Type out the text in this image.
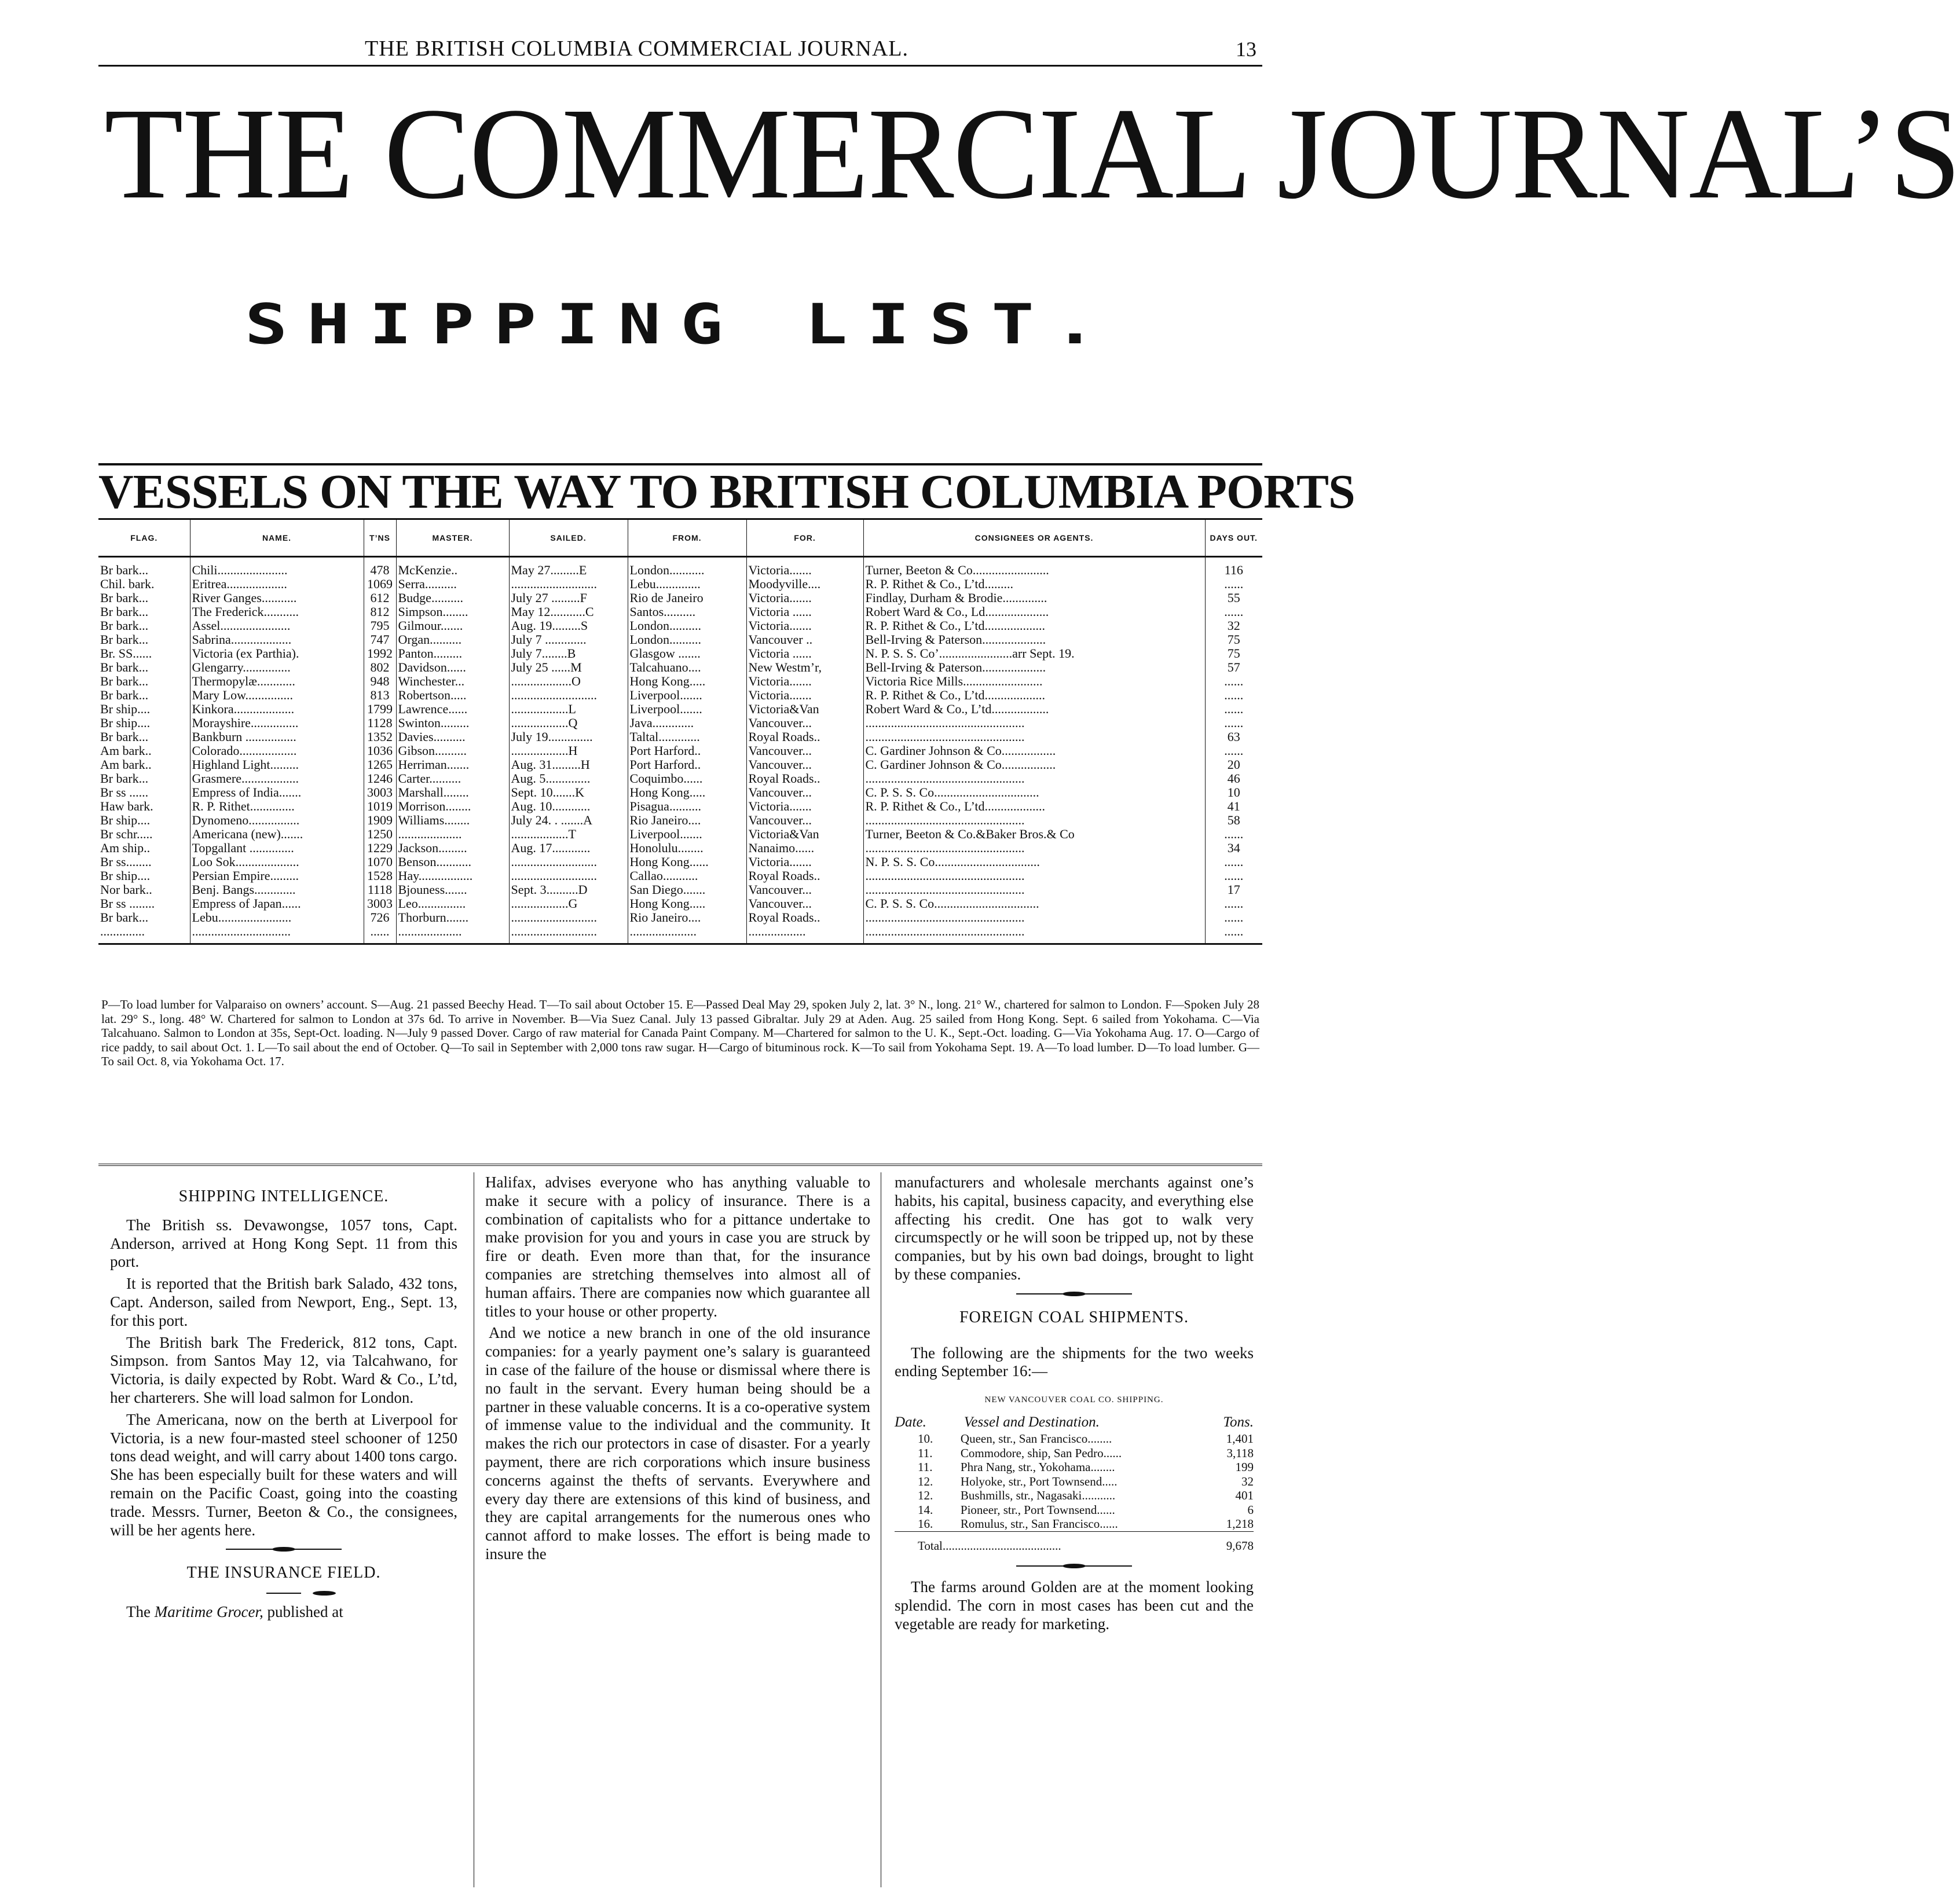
THE BRITISH COLUMBIA COMMERCIAL JOURNAL.	13
THE COMMERCIAL JOURNAL’S
SHIPPING LIST.
VESSELS ON THE WAY TO BRITISH COLUMBIA PORTS
FLAG.	NAME.	T’NS	MASTER.	SAILED.	FROM.	FOR.	CONSIGNEES OR AGENTS.	DAYS OUT.
Br bark...	Chili......................	478	McKenzie..	May 27.........E	London...........	Victoria.......	Turner, Beeton & Co........................	116
Chil. bark.	Eritrea...................	1069	Serra..........	...........................	Lebu..............	Moodyville....	R. P. Rithet & Co., L’td.........	......
Br bark...	River Ganges...........	612	Budge..........	July 27 .........F	Rio de Janeiro	Victoria.......	Findlay, Durham & Brodie..............	55
Br bark...	The Frederick...........	812	Simpson........	May 12...........C	Santos..........	Victoria ......	Robert Ward & Co., Ld....................	......
Br bark...	Assel......................	795	Gilmour.......	Aug. 19.........S	London..........	Victoria.......	R. P. Rithet & Co., L’td...................	32
Br bark...	Sabrina...................	747	Organ..........	July 7 .............	London..........	Vancouver ..	Bell-Irving & Paterson....................	75
Br. SS......	Victoria (ex Parthia).	1992	Panton.........	July 7........B	Glasgow .......	Victoria ......	N. P. S. S. Co’.......................arr Sept. 19.	75
Br bark...	Glengarry...............	802	Davidson......	July 25 ......M	Talcahuano....	New Westm’r,	Bell-Irving & Paterson....................	57
Br bark...	Thermopylæ............	948	Winchester...	...................O	Hong Kong.....	Victoria.......	Victoria Rice Mills.........................	......
Br bark...	Mary Low...............	813	Robertson.....	...........................	Liverpool.......	Victoria.......	R. P. Rithet & Co., L’td...................	......
Br ship....	Kinkora...................	1799	Lawrence......	..................L	Liverpool.......	Victoria&Van	Robert Ward & Co., L’td..................	......
Br ship....	Morayshire...............	1128	Swinton.........	..................Q	Java.............	Vancouver...	..................................................	......
Br bark...	Bankburn ................	1352	Davies..........	July 19..............	Taltal.............	Royal Roads..	..................................................	63
Am bark..	Colorado..................	1036	Gibson..........	..................H	Port Harford..	Vancouver...	C. Gardiner Johnson & Co.................	......
Am bark..	Highland Light.........	1265	Herriman.......	Aug. 31.........H	Port Harford..	Vancouver...	C. Gardiner Johnson & Co.................	20
Br bark...	Grasmere..................	1246	Carter..........	Aug. 5..............	Coquimbo......	Royal Roads..	..................................................	46
Br ss ......	Empress of India.......	3003	Marshall........	Sept. 10.......K	Hong Kong.....	Vancouver...	C. P. S. S. Co.................................	10
Haw bark.	R. P. Rithet..............	1019	Morrison........	Aug. 10............	Pisagua..........	Victoria.......	R. P. Rithet & Co., L’td...................	41
Br ship....	Dynomeno................	1909	Williams........	July 24. . .......A	Rio Janeiro....	Vancouver...	..................................................	58
Br schr.....	Americana (new).......	1250	....................	..................T	Liverpool.......	Victoria&Van	Turner, Beeton & Co.&Baker Bros.& Co	......
Am ship..	Topgallant ..............	1229	Jackson.........	Aug. 17............	Honolulu........	Nanaimo......	..................................................	34
Br ss........	Loo Sok....................	1070	Benson...........	...........................	Hong Kong......	Victoria.......	N. P. S. S. Co.................................	......
Br ship....	Persian Empire.........	1528	Hay.................	...........................	Callao...........	Royal Roads..	..................................................	......
Nor bark..	Benj. Bangs.............	1118	Bjouness.......	Sept. 3..........D	San Diego.......	Vancouver...	..................................................	17
Br ss ........	Empress of Japan......	3003	Leo...............	..................G	Hong Kong.....	Vancouver...	C. P. S. S. Co.................................	......
Br bark...	Lebu.......................	726	Thorburn.......	...........................	Rio Janeiro....	Royal Roads..	..................................................	......
..............	...............................	......	....................	...........................	.....................	..................	..................................................	......
P—To load lumber for Valparaiso on owners’ account. S—Aug. 21 passed Beechy Head. T—To sail about October 15. E—Passed Deal May 29, spoken July 2, lat. 3° N., long. 21° W., chartered for salmon to London. F—Spoken July 28 lat. 29° S., long. 48° W. Chartered for salmon to London at 37s 6d. To arrive in November. B—Via Suez Canal. July 13 passed Gibraltar. July 29 at Aden. Aug. 25 sailed from Hong Kong. Sept. 6 sailed from Yokohama. C—Via Talcahuano. Salmon to London at 35s, Sept-Oct. loading. N—July 9 passed Dover. Cargo of raw material for Canada Paint Company. M—Chartered for salmon to the U. K., Sept.-Oct. loading. G—Via Yokohama Aug. 17. O—Cargo of rice paddy, to sail about Oct. 1. L—To sail about the end of October. Q—To sail in September with 2,000 tons raw sugar. H—Cargo of bituminous rock. K—To sail from Yokohama Sept. 19. A—To load lumber. D—To load lumber. G—To sail Oct. 8, via Yokohama Oct. 17.
SHIPPING INTELLIGENCE.

The British ss. Devawongse, 1057 tons, Capt. Anderson, arrived at Hong Kong Sept. 11 from this port.

It is reported that the British bark Salado, 432 tons, Capt. Anderson, sailed from Newport, Eng., Sept. 13, for this port.

The British bark The Frederick, 812 tons, Capt. Simpson. from Santos May 12, via Talcahwano, for Victoria, is daily expected by Robt. Ward & Co., L’td, her charterers. She will load salmon for London.

The Americana, now on the berth at Liverpool for Victoria, is a new four-masted steel schooner of 1250 tons dead weight, and will carry about 1400 tons cargo. She has been especially built for these waters and will remain on the Pacific Coast, going into the coasting trade. Messrs. Turner, Beeton & Co., the consignees, will be her agents here.

THE INSURANCE FIELD.

The Maritime Grocer, published at

Halifax, advises everyone who has anything valuable to make it secure with a policy of insurance. There is a combination of capitalists who for a pittance undertake to make provision for you and yours in case you are struck by fire or death. Even more than that, for the insurance companies are stretching themselves into almost all of human affairs. There are companies now which guarantee all titles to your house or other property.

And we notice a new branch in one of the old insurance companies: for a yearly payment one’s salary is guaranteed in case of the failure of the house or dismissal where there is no fault in the servant. Every human being should be a partner in these valuable concerns. It is a co-operative system of immense value to the individual and the community. It makes the rich our protectors in case of disaster. For a yearly payment, there are rich corporations which insure business concerns against the thefts of servants. Everywhere and every day there are extensions of this kind of business, and they are capital arrangements for the numerous ones who cannot afford to make losses. The effort is being made to insure the

manufacturers and wholesale merchants against one’s habits, his capital, business capacity, and everything else affecting his credit. One has got to walk very circumspectly or he will soon be tripped up, not by these companies, but by his own bad doings, brought to light by these companies.

FOREIGN COAL SHIPMENTS.

The following are the shipments for the two weeks ending September 16:—

NEW VANCOUVER COAL CO. SHIPPING.
Date.	Vessel and Destination.	Tons.
10.	Queen, str., San Francisco........	1,401
11.	Commodore, ship, San Pedro......	3,118
11.	Phra Nang, str., Yokohama........	199
12.	Holyoke, str., Port Townsend.....	32
12.	Bushmills, str., Nagasaki...........	401
14.	Pioneer, str., Port Townsend......	6
16.	Romulus, str., San Francisco......	1,218
Total.......................................		9,678

The farms around Golden are at the moment looking splendid. The corn in most cases has been cut and the vegetable are ready for marketing.
